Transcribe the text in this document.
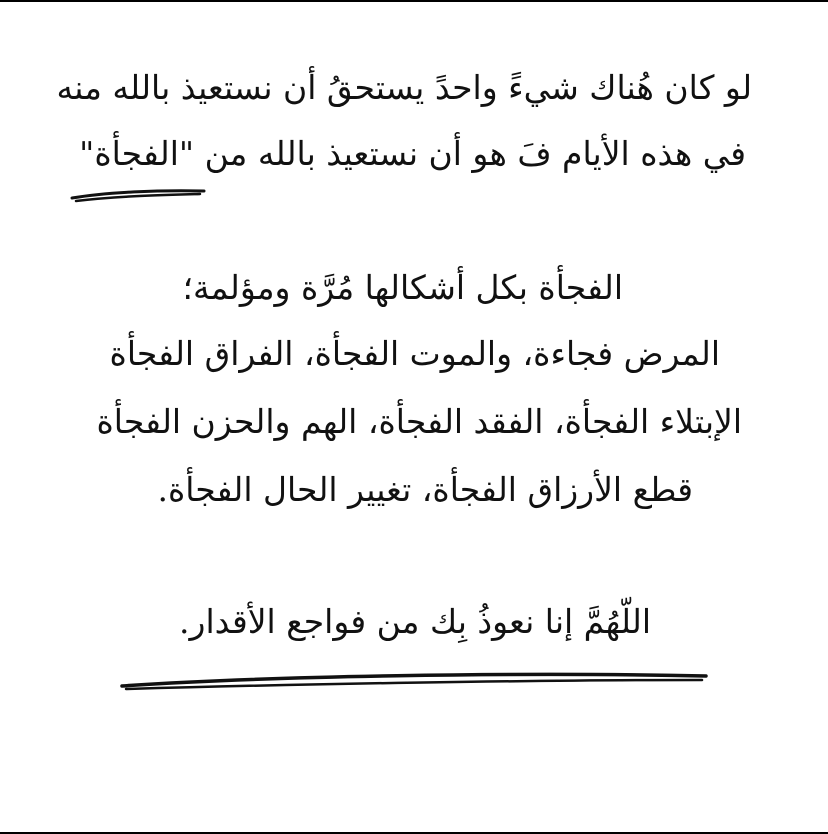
لو كان هُناك شيءً واحدً يستحقُ أن نستعيذ بالله منه
في هذه الأيام فَ هو أن نستعيذ بالله من "الفجأة"
الفجأة بكل أشكالها مُرَّة ومؤلمة؛
المرض فجاءة، والموت الفجأة، الفراق الفجأة
الإبتلاء الفجأة، الفقد الفجأة، الهم والحزن الفجأة
قطع الأرزاق الفجأة، تغيير الحال الفجأة.
اللّهُمَّ إنا نعوذُ بِك من فواجع الأقدار.
